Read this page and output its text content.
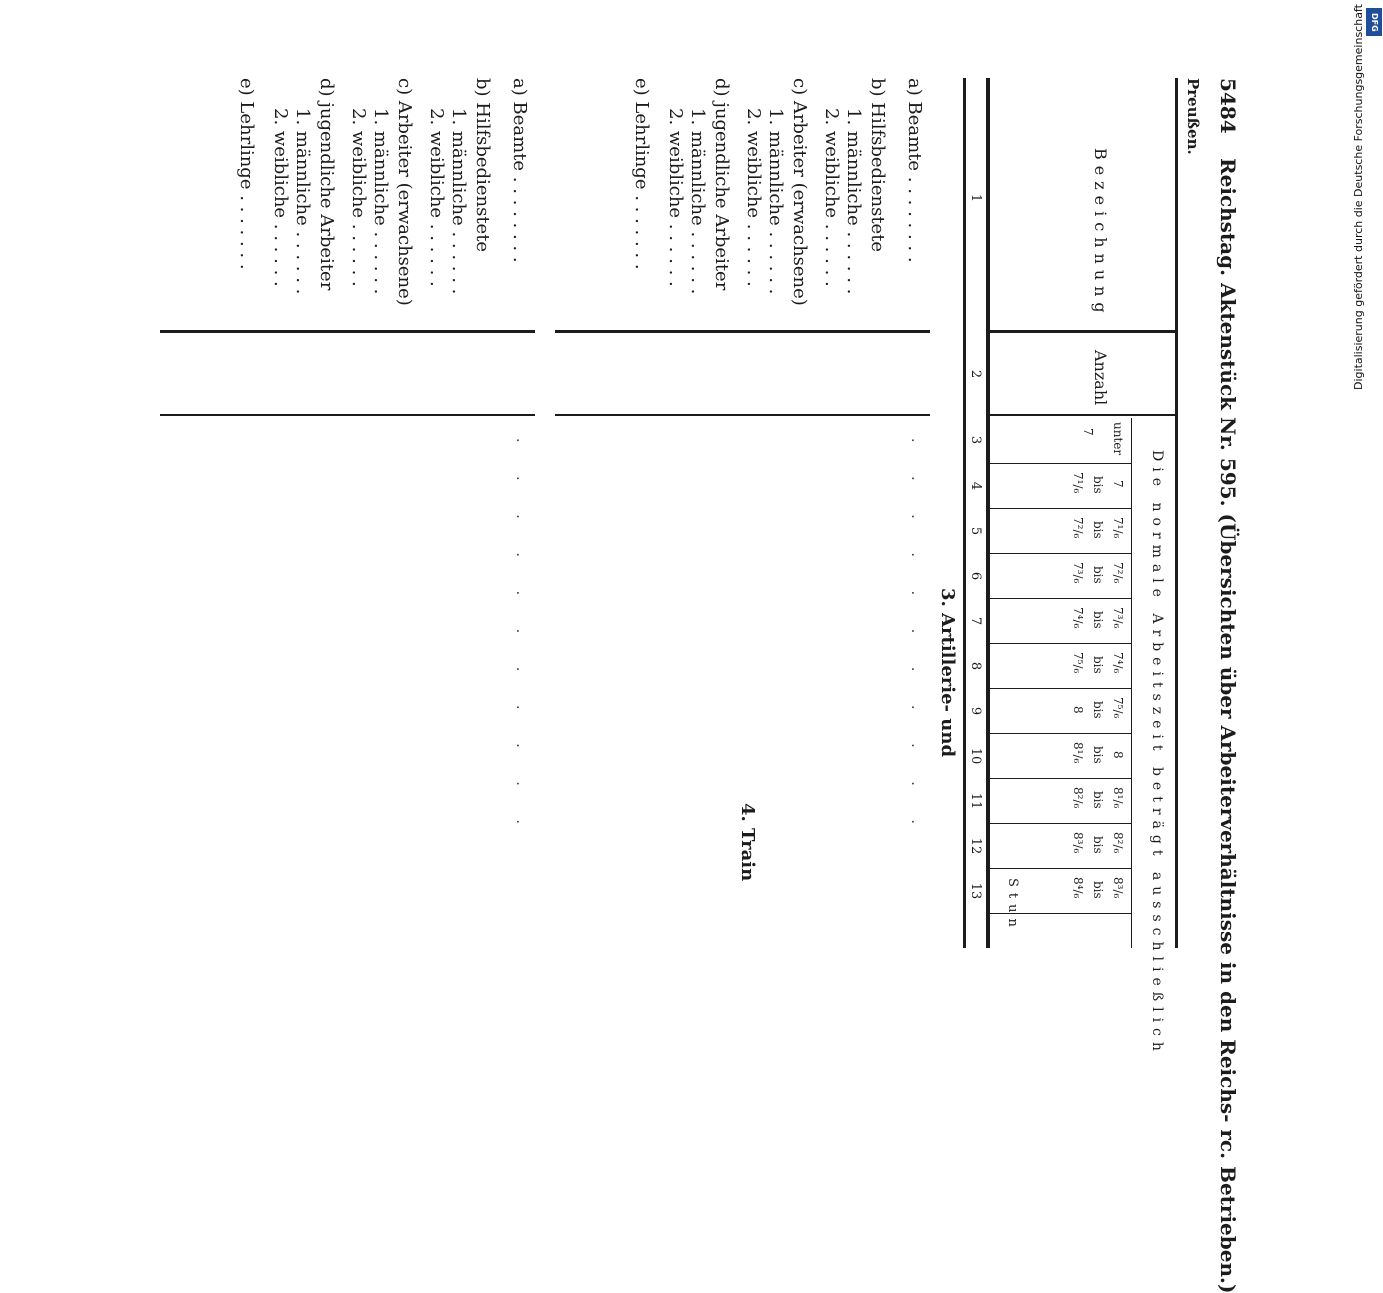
5484
Reichstag. Aktenstück Nr. 595. (Übersichten über Arbeiterverhältnisse in den Reichs- rc. Betrieben.)
Preußen.
Bezeichnung
Anzahl
Die normale Arbeitszeit beträgt ausschließlich
unter
7
7
bis
7¹/₆
7¹/₆
bis
7²/₆
7²/₆
bis
7³/₆
7³/₆
bis
7⁴/₆
7⁴/₆
bis
7⁵/₆
7⁵/₆
bis
8
8
bis
8¹/₆
8¹/₆
bis
8²/₆
8²/₆
bis
8³/₆
8³/₆
bis
8⁴/₆
Stun
1
2
3
4
5
6
7
8
9
10
11
12
13
3. Artillerie- und
a) Beamte . . . . . . . .
b) Hilfsbedienstete
1. männliche . . . . . .
2. weibliche . . . . . .
c) Arbeiter (erwachsene)
1. männliche . . . . . .
2. weibliche . . . . . .
d) jugendliche Arbeiter
1. männliche . . . . . .
2. weibliche . . . . . .
e) Lehrlinge . . . . . . .
4. Train
a) Beamte . . . . . . . .
b) Hilfsbedienstete
1. männliche . . . . . .
2. weibliche . . . . . .
c) Arbeiter (erwachsene)
1. männliche . . . . . .
2. weibliche . . . . . .
d) jugendliche Arbeiter
1. männliche . . . . . .
2. weibliche . . . . . .
e) Lehrlinge . . . . . . .
·      ·      ·      ·      ·      ·      ·      ·      ·      ·      ·
·      ·      ·      ·      ·      ·      ·      ·      ·      ·      ·
Digitalisierung gefördert durch die Deutsche Forschungsgemeinschaft DFG
